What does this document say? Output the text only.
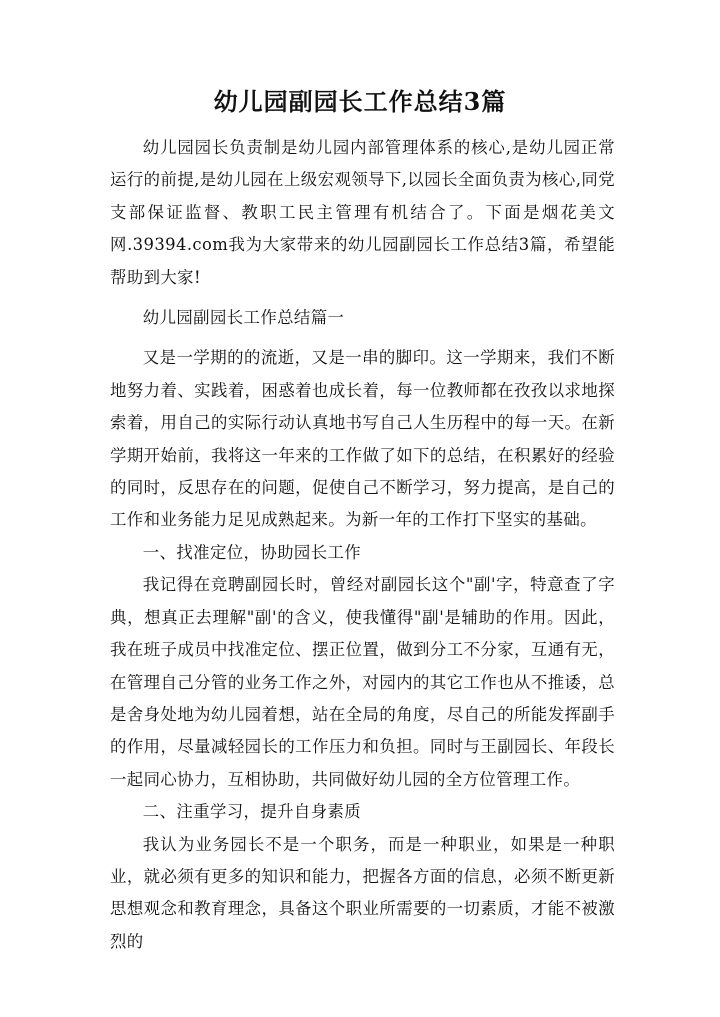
幼儿园副园长工作总结3篇

幼儿园园长负责制是幼儿园内部管理体系的核心,是幼儿园正常运行的前提,是幼儿园在上级宏观领导下,以园长全面负责为核心,同党支部保证监督、教职工民主管理有机结合了。下面是烟花美文网.39394.com我为大家带来的幼儿园副园长工作总结3篇，希望能帮助到大家!

幼儿园副园长工作总结篇一

又是一学期的的流逝，又是一串的脚印。这一学期来，我们不断地努力着、实践着，困惑着也成长着，每一位教师都在孜孜以求地探索着，用自己的实际行动认真地书写自己人生历程中的每一天。在新学期开始前，我将这一年来的工作做了如下的总结，在积累好的经验的同时，反思存在的问题，促使自己不断学习，努力提高，是自己的工作和业务能力足见成熟起来。为新一年的工作打下坚实的基础。

一、找准定位，协助园长工作

我记得在竞聘副园长时，曾经对副园长这个"副'字，特意查了字典，想真正去理解"副'的含义，使我懂得"副'是辅助的作用。因此，我在班子成员中找准定位、摆正位置，做到分工不分家，互通有无，在管理自己分管的业务工作之外，对园内的其它工作也从不推诿，总是舍身处地为幼儿园着想，站在全局的角度，尽自己的所能发挥副手的作用，尽量减轻园长的工作压力和负担。同时与王副园长、年段长一起同心协力，互相协助，共同做好幼儿园的全方位管理工作。

二、注重学习，提升自身素质

我认为业务园长不是一个职务，而是一种职业，如果是一种职业，就必须有更多的知识和能力，把握各方面的信息，必须不断更新思想观念和教育理念，具备这个职业所需要的一切素质，才能不被激烈的
